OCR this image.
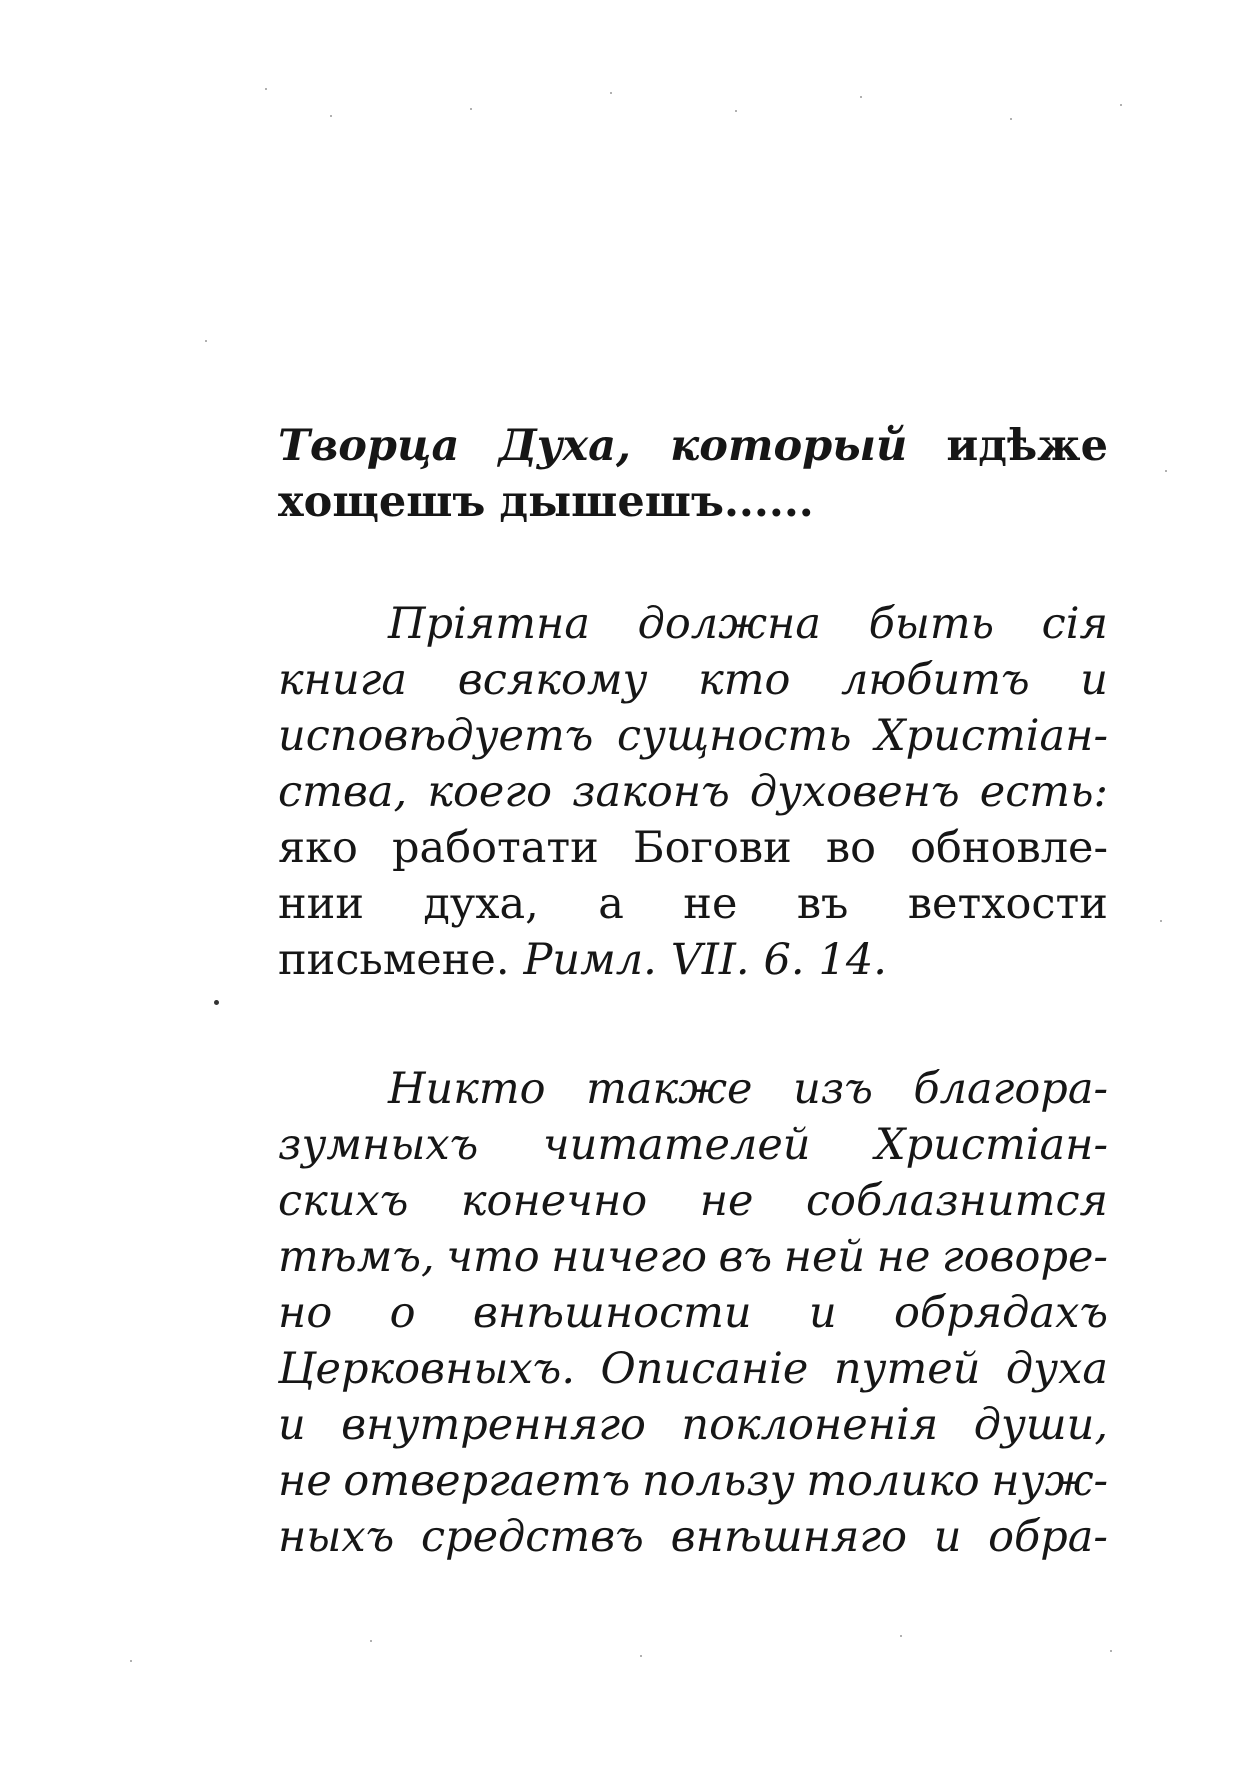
Творца Духа, который идѣже
хощешъ дышешъ......
Пріятна должна быть сія
книга всякому кто любитъ и
исповѣдуетъ сущность Христіан-
ства, коего законъ духовенъ есть:
яко работати Богови во обновле-
нии духа, а не въ ветхости
письмене. Римл. VII. 6. 14.
Никто также изъ благора-
зумныхъ читателей Христіан-
скихъ конечно не соблазнится
тѣмъ, что ничего въ ней не говоре-
но о внѣшности и обрядахъ
Церковныхъ. Описаніе путей духа
и внутренняго поклоненія души,
не отвергаетъ пользу толико нуж-
ныхъ средствъ внѣшняго и обра-
